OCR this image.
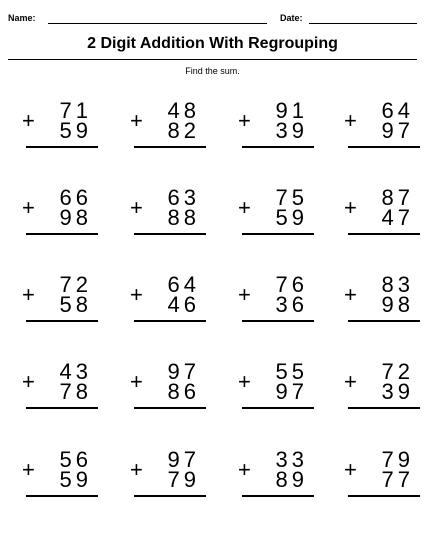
Name:	Date:
2 Digit Addition With Regrouping
Find the sum.
+ 71
59 + 48
82 + 91
39 + 64
97
+ 66
98 + 63
88 + 75
59 + 87
47
+ 72
58 + 64
46 + 76
36 + 83
98
+ 43
78 + 97
86 + 55
97 + 72
39
+ 56
59 + 97
79 + 33
89 + 79
77
